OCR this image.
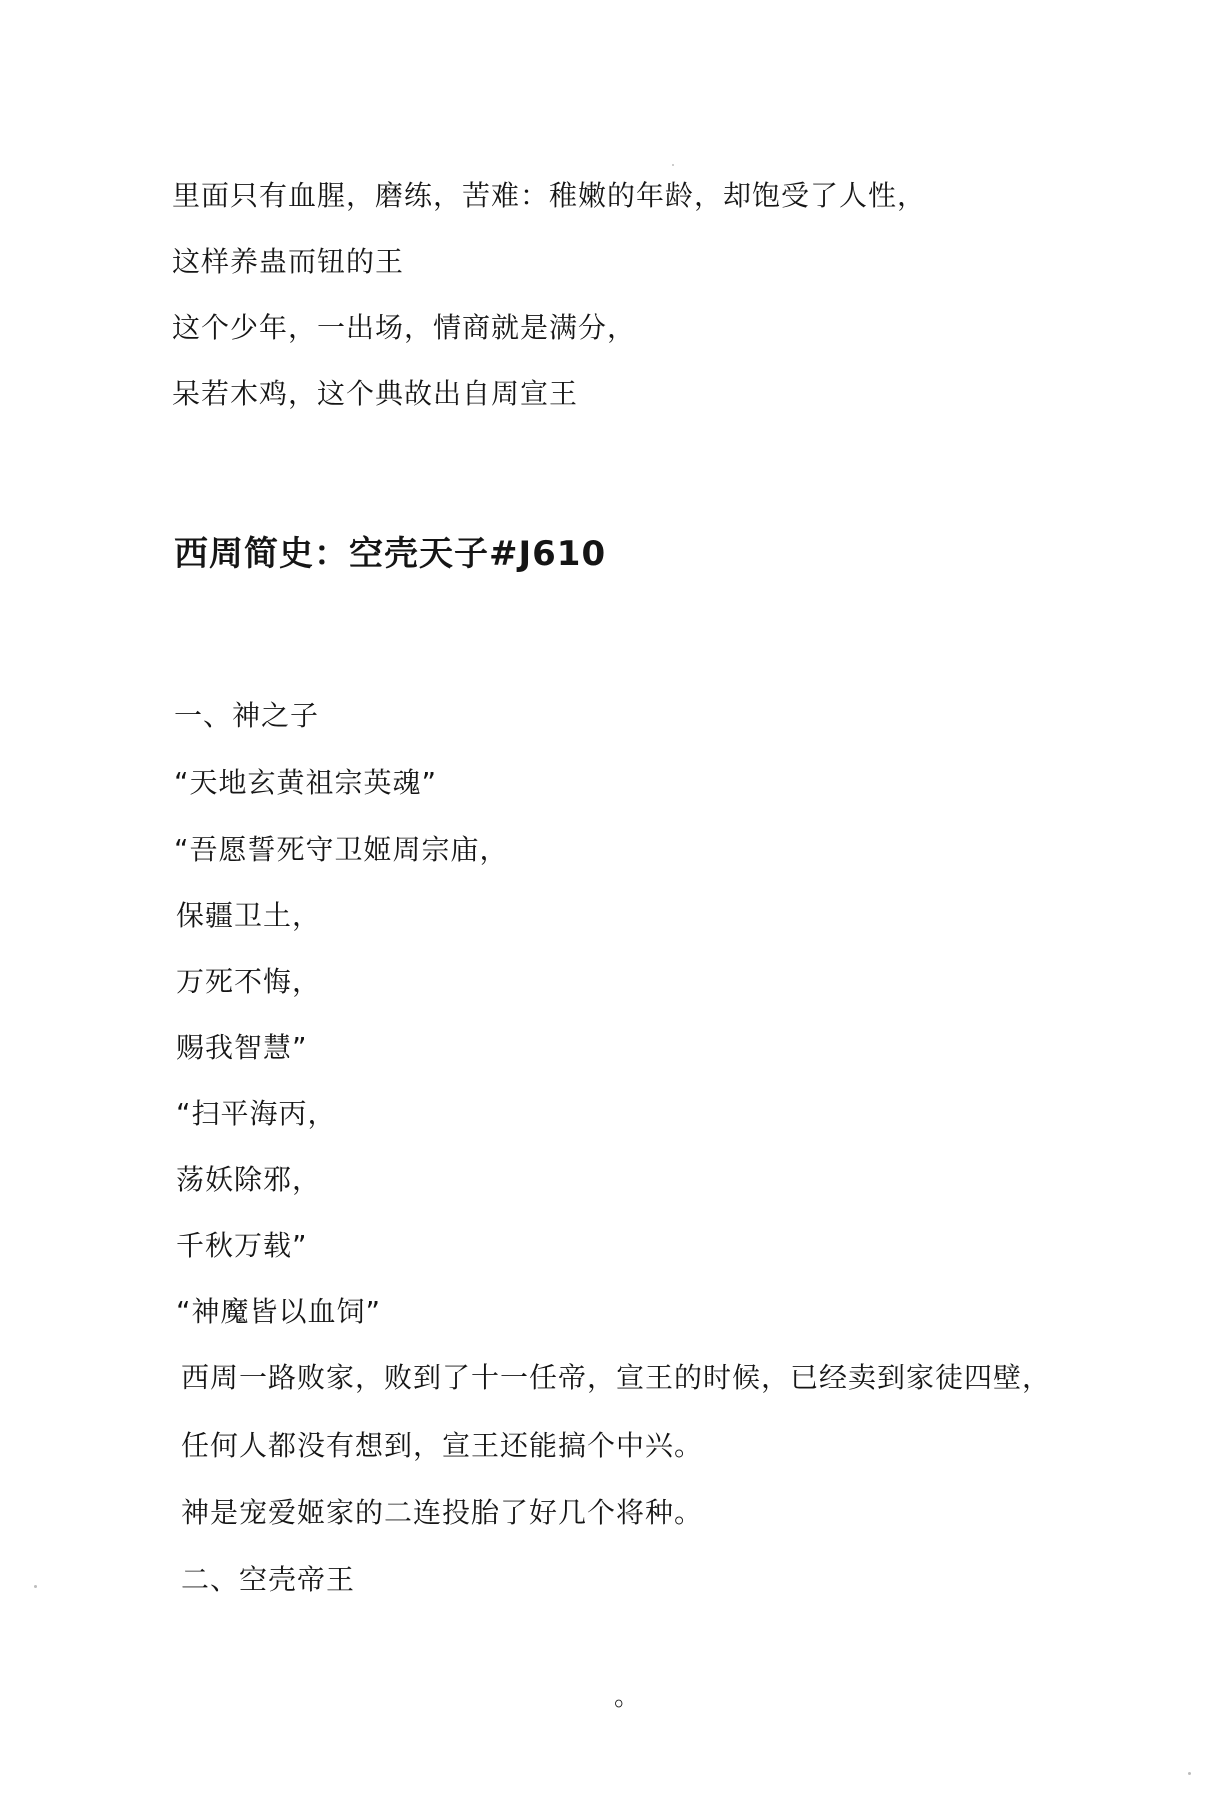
里面只有血腥，磨练，苦难：稚嫩的年龄，却饱受了人性，
这样养蛊而钮的王
这个少年，一出场，情商就是满分，
呆若木鸡，这个典故出自周宣王
西周简史：空壳天子#J610
一、神之子
“天地玄黄祖宗英魂”
“吾愿誓死守卫姬周宗庙，
保疆卫土，
万死不悔，
赐我智慧”
“扫平海丙，
荡妖除邪，
千秋万载”
“神魔皆以血饲”
西周一路败家，败到了十一任帝，宣王的时候，已经卖到家徒四壁，
任何人都没有想到，宣王还能搞个中兴。
神是宠爱姬家的二连投胎了好几个将种。
二、空壳帝王
。
